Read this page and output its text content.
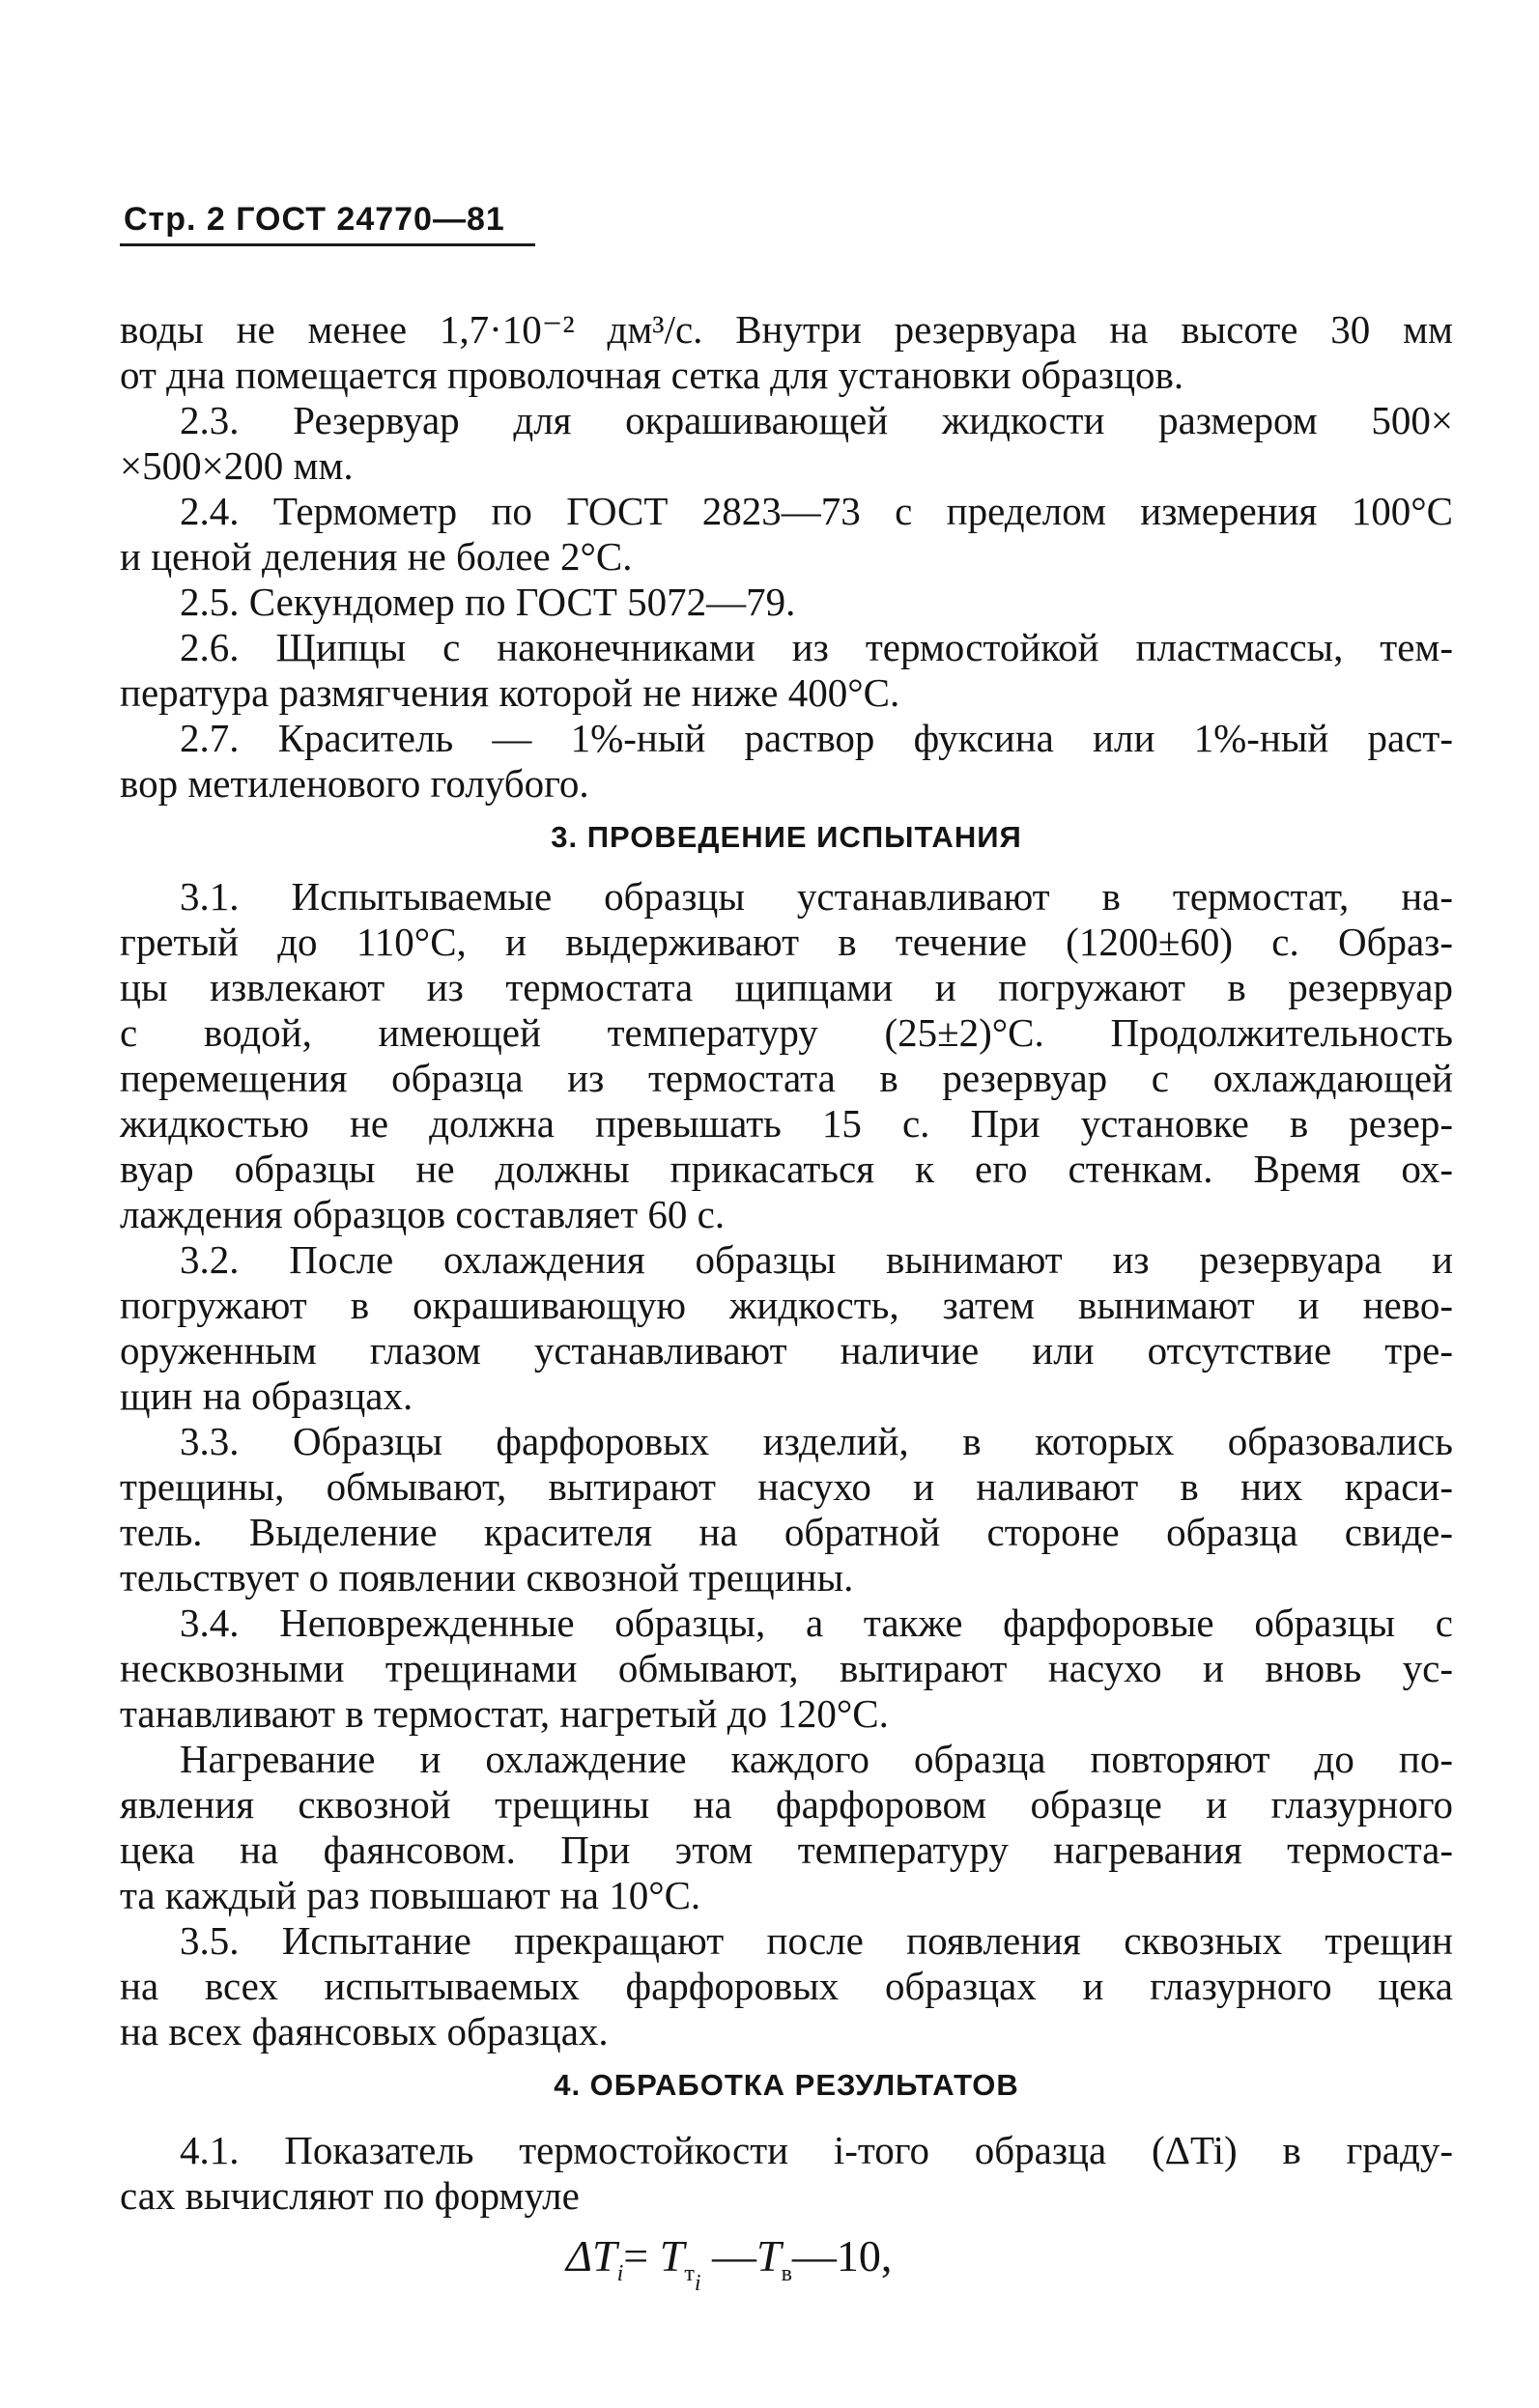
Стр. 2 ГОСТ 24770—81
воды не менее 1,7·10⁻² дм³/с. Внутри резервуара на высоте 30 мм
от дна помещается проволочная сетка для установки образцов.
2.3. Резервуар для окрашивающей жидкости размером 500×
×500×200 мм.
2.4. Термометр по ГОСТ 2823—73 с пределом измерения 100°С
и ценой деления не более 2°С.
2.5. Секундомер по ГОСТ 5072—79.
2.6. Щипцы с наконечниками из термостойкой пластмассы, тем-
пература размягчения которой не ниже 400°С.
2.7. Краситель — 1%-ный раствор фуксина или 1%-ный раст-
вор метиленового голубого.
3. ПРОВЕДЕНИЕ ИСПЫТАНИЯ
3.1. Испытываемые образцы устанавливают в термостат, на-
гретый до 110°С, и выдерживают в течение (1200±60) с. Образ-
цы извлекают из термостата щипцами и погружают в резервуар
с водой, имеющей температуру (25±2)°С. Продолжительность
перемещения образца из термостата в резервуар с охлаждающей
жидкостью не должна превышать 15 с. При установке в резер-
вуар образцы не должны прикасаться к его стенкам. Время ох-
лаждения образцов составляет 60 с.
3.2. После охлаждения образцы вынимают из резервуара и
погружают в окрашивающую жидкость, затем вынимают и нево-
оруженным глазом устанавливают наличие или отсутствие тре-
щин на образцах.
3.3. Образцы фарфоровых изделий, в которых образовались
трещины, обмывают, вытирают насухо и наливают в них краси-
тель. Выделение красителя на обратной стороне образца свиде-
тельствует о появлении сквозной трещины.
3.4. Неповрежденные образцы, а также фарфоровые образцы с
несквозными трещинами обмывают, вытирают насухо и вновь ус-
танавливают в термостат, нагретый до 120°С.
Нагревание и охлаждение каждого образца повторяют до по-
явления сквозной трещины на фарфоровом образце и глазурного
цека на фаянсовом. При этом температуру нагревания термоста-
та каждый раз повышают на 10°С.
3.5. Испытание прекращают после появления сквозных трещин
на всех испытываемых фарфоровых образцах и глазурного цека
на всех фаянсовых образцах.
4. ОБРАБОТКА РЕЗУЛЬТАТОВ
4.1. Показатель термостойкости i-того образца (ΔTi) в граду-
сах вычисляют по формуле
$\Delta T_i= T_{т_i}$ $—T_в—10$,
